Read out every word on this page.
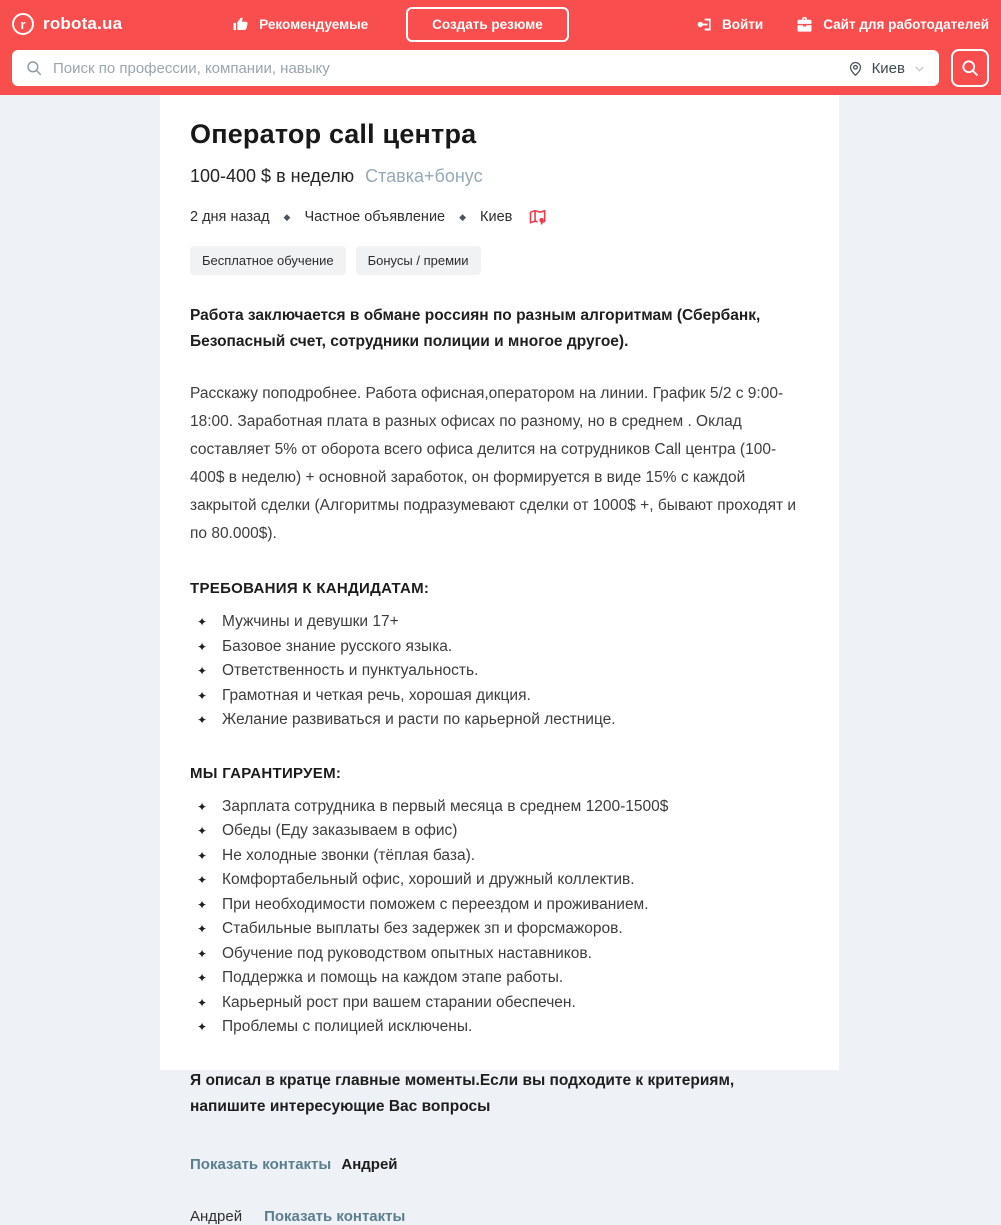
r	robota.ua	Рекомендуемые	Создать резюме	Войти	Сайт для работодателей
Поиск по профессии, компании, навыку
Киев
Оператор call центра
100-400 $ в неделю Ставка+бонус
2 дня назад ◆ Частное объявление ◆ Киев
Бесплатное обучение	Бонусы / премии

Работа заключается в обмане россиян по разным алгоритмам (Сбербанк, Безопасный счет, сотрудники полиции и многое другое).

Расскажу поподробнее. Работа офисная,оператором на линии. График 5/2 с 9:00-18:00. Заработная плата в разных офисах по разному, но в среднем . Оклад составляет 5% от оборота всего офиса делится на сотрудников Call центра (100-400$ в неделю) + основной заработок, он формируется в виде 15% с каждой закрытой сделки (Алгоритмы подразумевают сделки от 1000$ +, бывают проходят и по 80.000$).

ТРЕБОВАНИЯ К КАНДИДАТАМ:
✦ Мужчины и девушки 17+
✦ Базовое знание русского языка.
✦ Ответственность и пунктуальность.
✦ Грамотная и четкая речь, хорошая дикция.
✦ Желание развиваться и расти по карьерной лестнице.
МЫ ГАРАНТИРУЕМ:
✦ Зарплата сотрудника в первый месяца в среднем 1200-1500$
✦ Обеды (Еду заказываем в офис)
✦ Не холодные звонки (тёплая база).
✦ Комфортабельный офис, хороший и дружный коллектив.
✦ При необходимости поможем с переездом и проживанием.
✦ Стабильные выплаты без задержек зп и форсмажоров.
✦ Обучение под руководством опытных наставников.
✦ Поддержка и помощь на каждом этапе работы.
✦ Карьерный рост при вашем старании обеспечен.
✦ Проблемы с полицией исключены.

Я описал в кратце главные моменты.Если вы подходите к критериям, напишите интересующие Вас вопросы

Показать контакты Андрей
Андрей Показать контакты
